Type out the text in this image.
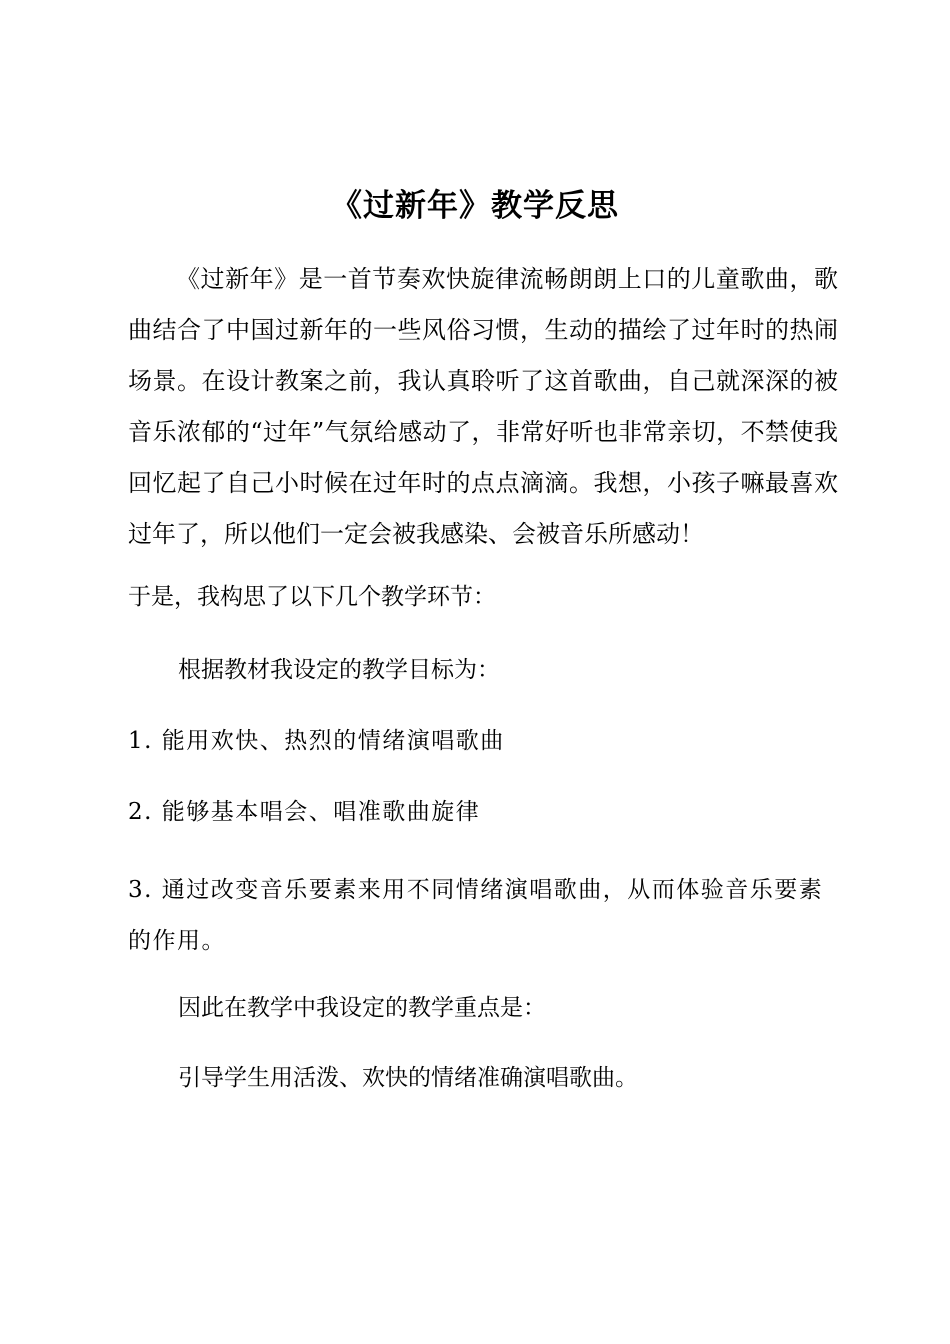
《过新年》教学反思
《过新年》是一首节奏欢快旋律流畅朗朗上口的儿童歌曲，歌曲结合了中国过新年的一些风俗习惯，生动的描绘了过年时的热闹场景。在设计教案之前，我认真聆听了这首歌曲，自己就深深的被音乐浓郁的“过年”气氛给感动了，非常好听也非常亲切，不禁使我回忆起了自己小时候在过年时的点点滴滴。我想，小孩子嘛最喜欢过年了，所以他们一定会被我感染、会被音乐所感动！
于是，我构思了以下几个教学环节：
根据教材我设定的教学目标为：
1. 能用欢快、热烈的情绪演唱歌曲
2. 能够基本唱会、唱准歌曲旋律
3. 通过改变音乐要素来用不同情绪演唱歌曲，从而体验音乐要素的作用。
因此在教学中我设定的教学重点是：
引导学生用活泼、欢快的情绪准确演唱歌曲。
